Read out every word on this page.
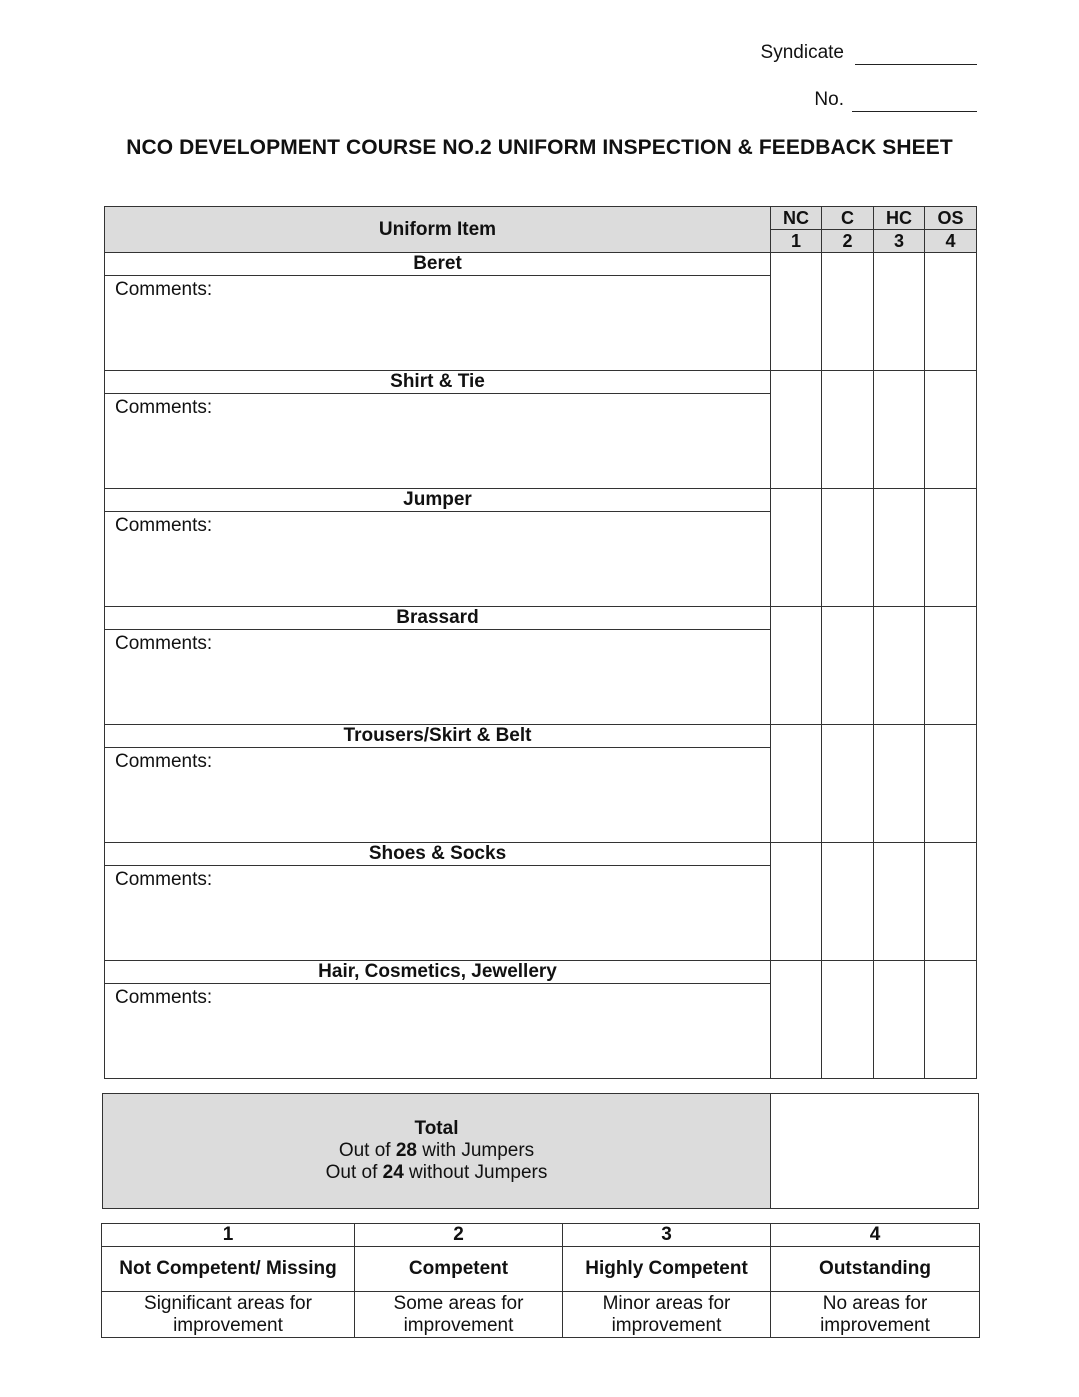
Syndicate
No.
NCO DEVELOPMENT COURSE NO.2 UNIFORM INSPECTION & FEEDBACK SHEET
Uniform Item	NC	C	HC	OS
	1	2	3	4
Beret				
Comments:				
Shirt & Tie				
Comments:				
Jumper				
Comments:				
Brassard				
Comments:				
Trousers/Skirt & Belt				
Comments:				
Shoes & Socks				
Comments:				
Hair, Cosmetics, Jewellery				
Comments:				
Total
Out of 28 with Jumpers
Out of 24 without Jumpers

1	2	3	4
Not Competent/ Missing	Competent	Highly Competent	Outstanding
Significant areas for improvement	Some areas for improvement	Minor areas for improvement	No areas for improvement
